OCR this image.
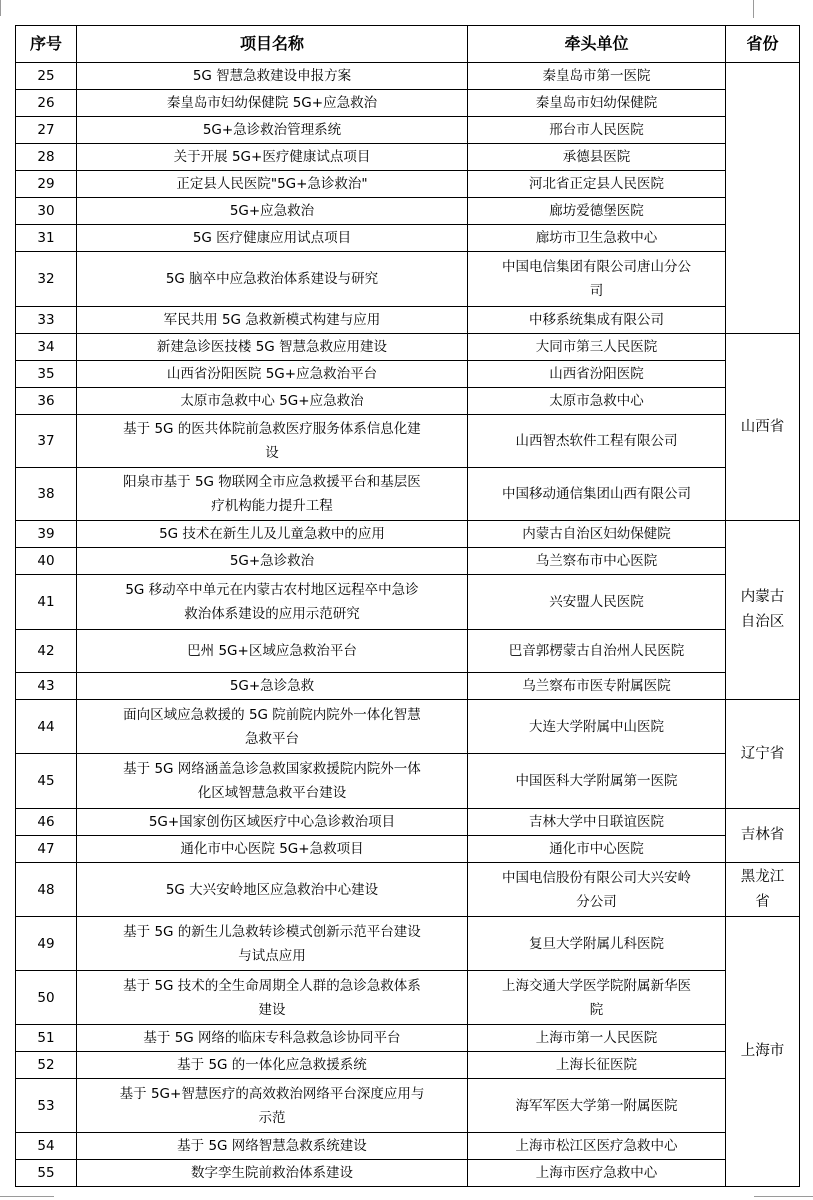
序号	项目名称	牵头单位	省份
25	5G 智慧急救建设申报方案	秦皇岛市第一医院	
26	秦皇岛市妇幼保健院 5G+应急救治	秦皇岛市妇幼保健院	
27	5G+急诊救治管理系统	邢台市人民医院	
28	关于开展 5G+医疗健康试点项目	承德县医院	
29	正定县人民医院"5G+急诊救治"	河北省正定县人民医院	
30	5G+应急救治	廊坊爱德堡医院	
31	5G 医疗健康应用试点项目	廊坊市卫生急救中心	
32	5G 脑卒中应急救治体系建设与研究	中国电信集团有限公司唐山分公
司	
33	军民共用 5G 急救新模式构建与应用	中移系统集成有限公司	
34	新建急诊医技楼 5G 智慧急救应用建设	大同市第三人民医院	山西省
35	山西省汾阳医院 5G+应急救治平台	山西省汾阳医院	
36	太原市急救中心 5G+应急救治	太原市急救中心	
37	基于 5G 的医共体院前急救医疗服务体系信息化建
设	山西智杰软件工程有限公司	
38	阳泉市基于 5G 物联网全市应急救援平台和基层医
疗机构能力提升工程	中国移动通信集团山西有限公司	
39	5G 技术在新生儿及儿童急救中的应用	内蒙古自治区妇幼保健院	内蒙古
自治区
40	5G+急诊救治	乌兰察布市中心医院	
41	5G 移动卒中单元在内蒙古农村地区远程卒中急诊
救治体系建设的应用示范研究	兴安盟人民医院	
42	巴州 5G+区域应急救治平台	巴音郭楞蒙古自治州人民医院	
43	5G+急诊急救	乌兰察布市医专附属医院	
44	面向区域应急救援的 5G 院前院内院外一体化智慧
急救平台	大连大学附属中山医院	辽宁省
45	基于 5G 网络涵盖急诊急救国家救援院内院外一体
化区域智慧急救平台建设	中国医科大学附属第一医院	
46	5G+国家创伤区域医疗中心急诊救治项目	吉林大学中日联谊医院	吉林省
47	通化市中心医院 5G+急救项目	通化市中心医院	
48	5G 大兴安岭地区应急救治中心建设	中国电信股份有限公司大兴安岭
分公司	黑龙江
省
49	基于 5G 的新生儿急救转诊模式创新示范平台建设
与试点应用	复旦大学附属儿科医院	上海市
50	基于 5G 技术的全生命周期全人群的急诊急救体系
建设	上海交通大学医学院附属新华医
院	
51	基于 5G 网络的临床专科急救急诊协同平台	上海市第一人民医院	
52	基于 5G 的一体化应急救援系统	上海长征医院	
53	基于 5G+智慧医疗的高效救治网络平台深度应用与
示范	海军军医大学第一附属医院	
54	基于 5G 网络智慧急救系统建设	上海市松江区医疗急救中心	
55	数字孪生院前救治体系建设	上海市医疗急救中心	
